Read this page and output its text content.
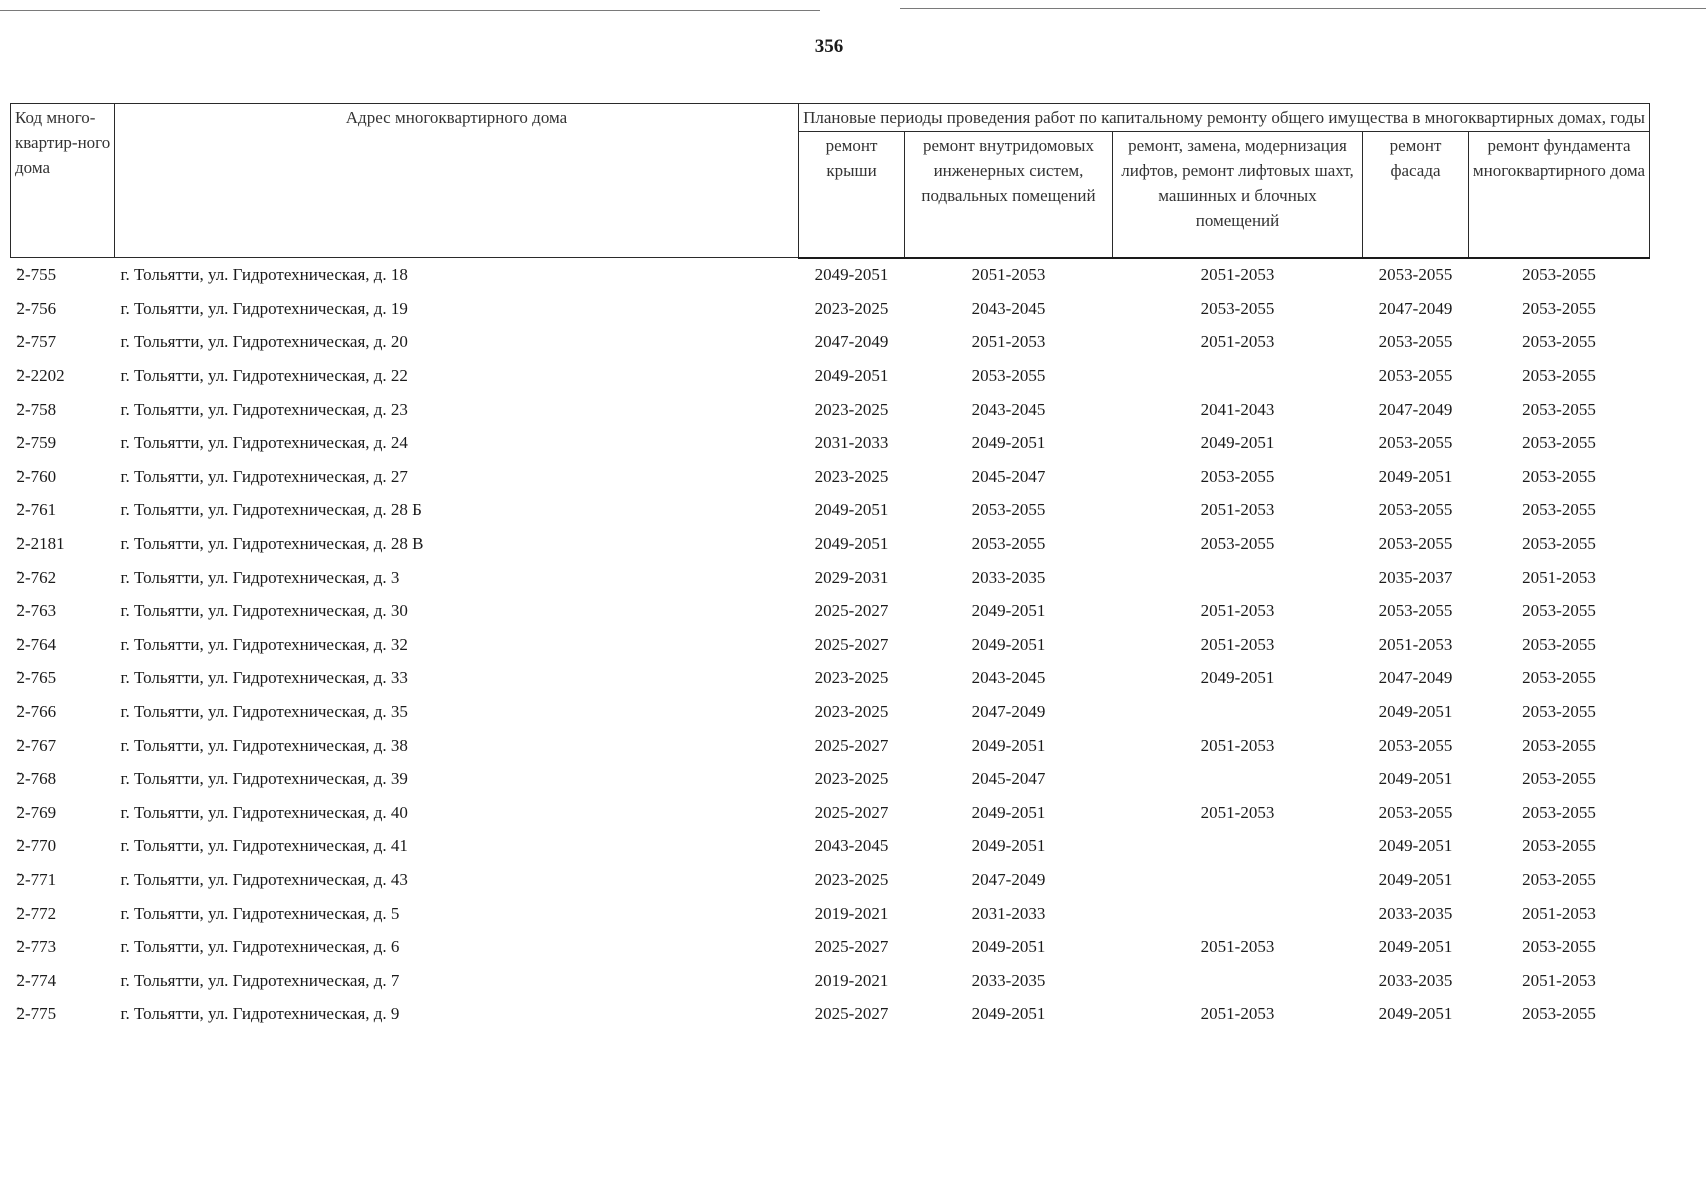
356
Код много-квартир-ного дома	Адрес многоквартирного дома	Плановые периоды проведения работ по капитальному ремонту общего имущества в многоквартирных домах, годы				
		ремонт крыши	ремонт внутридомовых инженерных систем, подвальных помещений	ремонт, замена, модернизация лифтов, ремонт лифтовых шахт, машинных и блочных помещений	ремонт фасада	ремонт фундамента многоквартирного дома
̃2-755	г. Тольятти, ул. Гидротехническая, д. 18	2049-2051	2051-2053	2051-2053	2053-2055	2053-2055
̃2-756	г. Тольятти, ул. Гидротехническая, д. 19	2023-2025	2043-2045	2053-2055	2047-2049	2053-2055
̃2-757	г. Тольятти, ул. Гидротехническая, д. 20	2047-2049	2051-2053	2051-2053	2053-2055	2053-2055
̃2-2202	г. Тольятти, ул. Гидротехническая, д. 22	2049-2051	2053-2055		2053-2055	2053-2055
̃2-758	г. Тольятти, ул. Гидротехническая, д. 23	2023-2025	2043-2045	2041-2043	2047-2049	2053-2055
̃2-759	г. Тольятти, ул. Гидротехническая, д. 24	2031-2033	2049-2051	2049-2051	2053-2055	2053-2055
̃2-760	г. Тольятти, ул. Гидротехническая, д. 27	2023-2025	2045-2047	2053-2055	2049-2051	2053-2055
̃2-761	г. Тольятти, ул. Гидротехническая, д. 28 Б	2049-2051	2053-2055	2051-2053	2053-2055	2053-2055
̃2-2181	г. Тольятти, ул. Гидротехническая, д. 28 В	2049-2051	2053-2055	2053-2055	2053-2055	2053-2055
̃2-762	г. Тольятти, ул. Гидротехническая, д. 3	2029-2031	2033-2035		2035-2037	2051-2053
̃2-763	г. Тольятти, ул. Гидротехническая, д. 30	2025-2027	2049-2051	2051-2053	2053-2055	2053-2055
̃2-764	г. Тольятти, ул. Гидротехническая, д. 32	2025-2027	2049-2051	2051-2053	2051-2053	2053-2055
̃2-765	г. Тольятти, ул. Гидротехническая, д. 33	2023-2025	2043-2045	2049-2051	2047-2049	2053-2055
̃2-766	г. Тольятти, ул. Гидротехническая, д. 35	2023-2025	2047-2049		2049-2051	2053-2055
̃2-767	г. Тольятти, ул. Гидротехническая, д. 38	2025-2027	2049-2051	2051-2053	2053-2055	2053-2055
̃2-768	г. Тольятти, ул. Гидротехническая, д. 39	2023-2025	2045-2047		2049-2051	2053-2055
̃2-769	г. Тольятти, ул. Гидротехническая, д. 40	2025-2027	2049-2051	2051-2053	2053-2055	2053-2055
̃2-770	г. Тольятти, ул. Гидротехническая, д. 41	2043-2045	2049-2051		2049-2051	2053-2055
̃2-771	г. Тольятти, ул. Гидротехническая, д. 43	2023-2025	2047-2049		2049-2051	2053-2055
̃2-772	г. Тольятти, ул. Гидротехническая, д. 5	2019-2021	2031-2033		2033-2035	2051-2053
̃2-773	г. Тольятти, ул. Гидротехническая, д. 6	2025-2027	2049-2051	2051-2053	2049-2051	2053-2055
̃2-774	г. Тольятти, ул. Гидротехническая, д. 7	2019-2021	2033-2035		2033-2035	2051-2053
̃2-775	г. Тольятти, ул. Гидротехническая, д. 9	2025-2027	2049-2051	2051-2053	2049-2051	2053-2055
